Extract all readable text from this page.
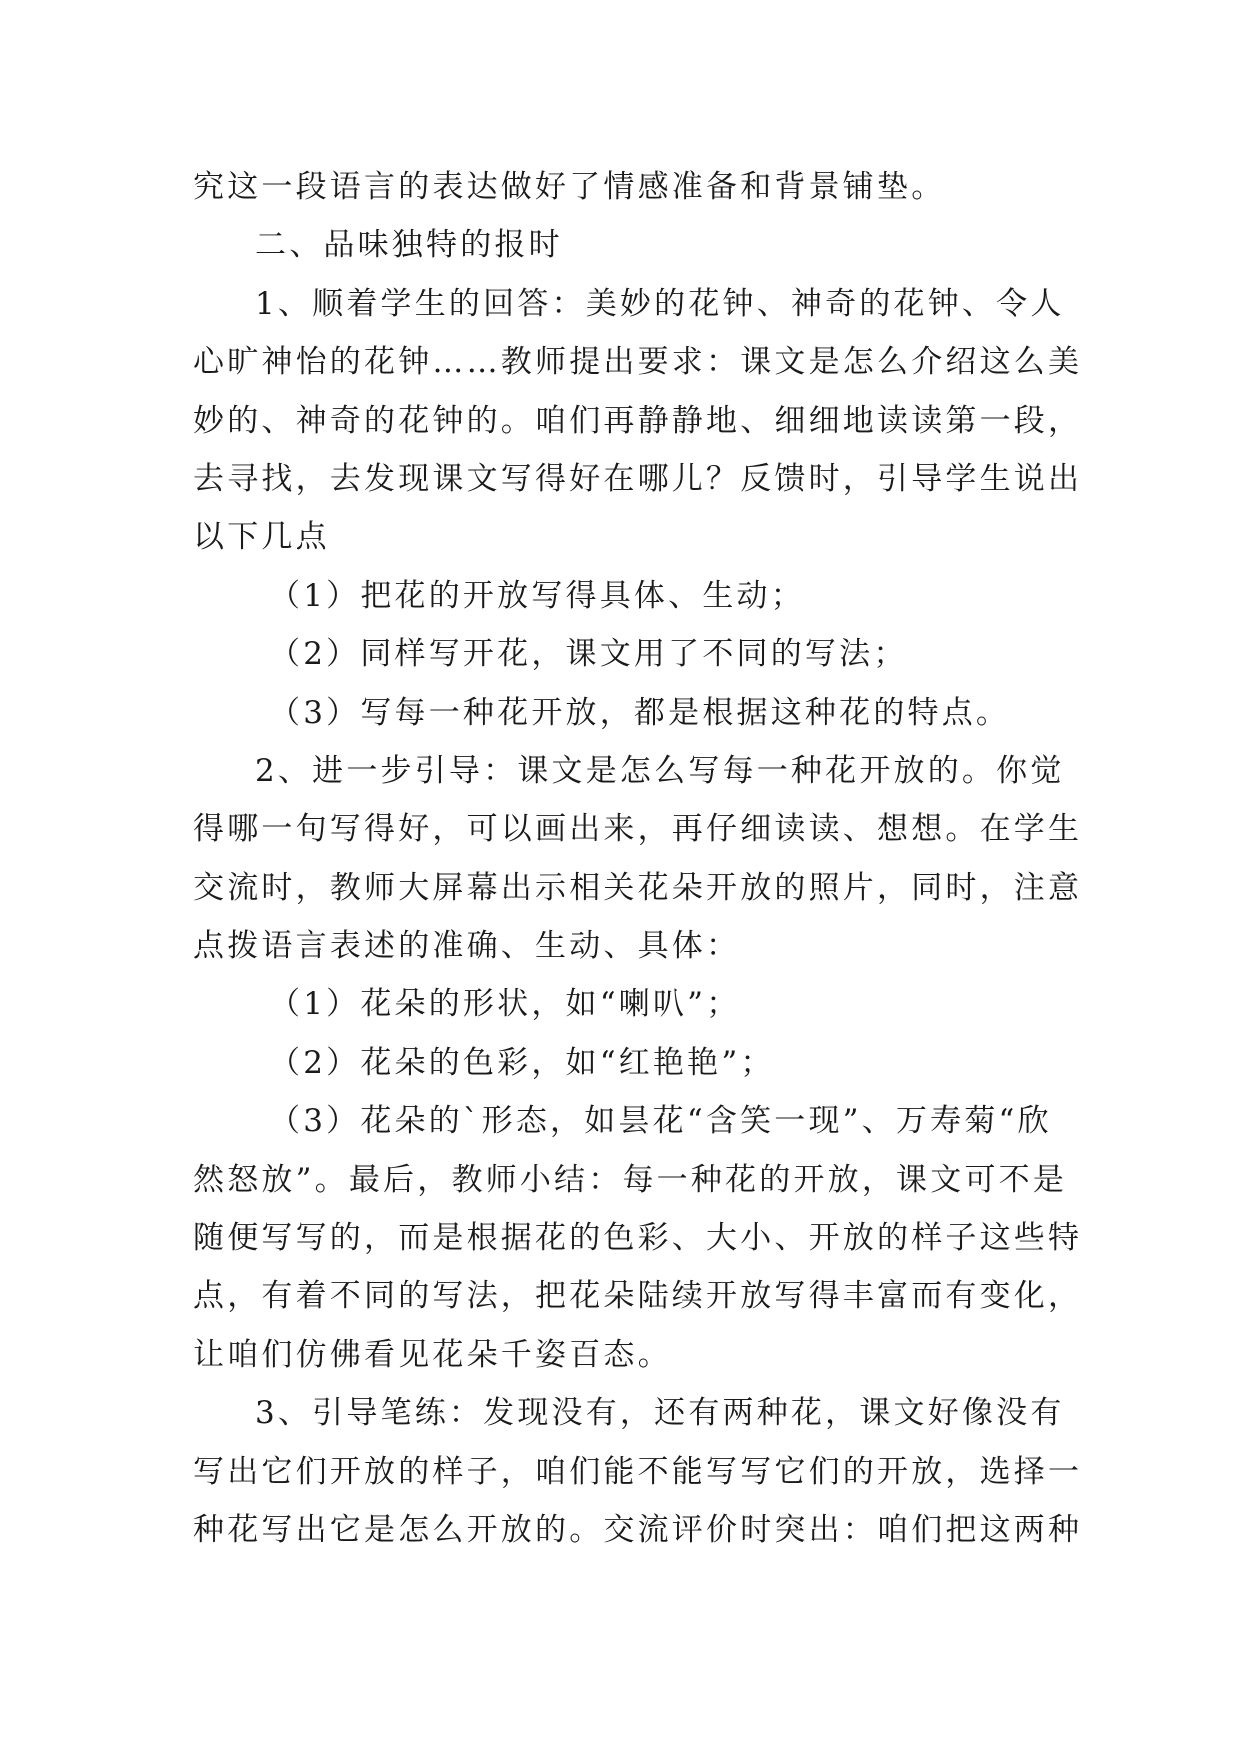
究这一段语言的表达做好了情感准备和背景铺垫。
二、品味独特的报时
1、顺着学生的回答：美妙的花钟、神奇的花钟、令人
心旷神怡的花钟……教师提出要求：课文是怎么介绍这么美
妙的、神奇的花钟的。咱们再静静地、细细地读读第一段，
去寻找，去发现课文写得好在哪儿？反馈时，引导学生说出
以下几点
（1）把花的开放写得具体、生动；
（2）同样写开花，课文用了不同的写法；
（3）写每一种花开放，都是根据这种花的特点。
2、进一步引导：课文是怎么写每一种花开放的。你觉
得哪一句写得好，可以画出来，再仔细读读、想想。在学生
交流时，教师大屏幕出示相关花朵开放的照片，同时，注意
点拨语言表述的准确、生动、具体：
（1）花朵的形状，如“喇叭”；
（2）花朵的色彩，如“红艳艳”；
（3）花朵的`形态，如昙花“含笑一现”、万寿菊“欣
然怒放”。最后，教师小结：每一种花的开放，课文可不是
随便写写的，而是根据花的色彩、大小、开放的样子这些特
点，有着不同的写法，把花朵陆续开放写得丰富而有变化，
让咱们仿佛看见花朵千姿百态。
3、引导笔练：发现没有，还有两种花，课文好像没有
写出它们开放的样子，咱们能不能写写它们的开放，选择一
种花写出它是怎么开放的。交流评价时突出：咱们把这两种
